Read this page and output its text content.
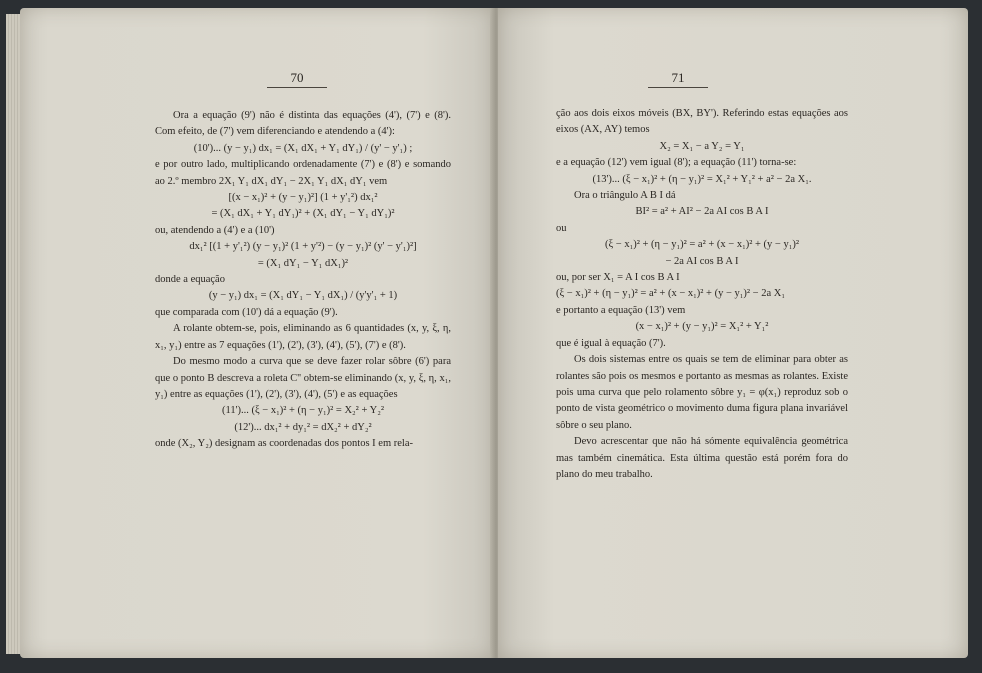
70

Ora a equação (9') não é distinta das equações (4'), (7') e (8'). Com efeito, de (7') vem diferenciando e atendendo a (4'):

(10')... (y − y₁) dx₁ = (X₁ dX₁ + Y₁ dY₁) / (y' − y'₁) ;

e por outro lado, multiplicando ordenadamente (7') e (8') e somando ao 2.º membro 2X₁ Y₁ dX₁ dY₁ − 2X₁ Y₁ dX₁ dY₁ vem

[(x − x₁)² + (y − y₁)²] (1 + y'₁²) dx₁²

= (X₁ dX₁ + Y₁ dY₁)² + (X₁ dY₁ − Y₁ dY₁)²

ou, atendendo a (4') e a (10')

dx₁² [(1 + y'₁²) (y − y₁)² (1 + y'²) − (y − y₁)² (y' − y'₁)²]

= (X₁ dY₁ − Y₁ dX₁)²

donde a equação

(y − y₁) dx₁ = (X₁ dY₁ − Y₁ dX₁) / (y'y'₁ + 1)

que comparada com (10') dá a equação (9').

A rolante obtem-se, pois, eliminando as 6 quantidades (x, y, ξ, η, x₁, y₁) entre as 7 equações (1'), (2'), (3'), (4'), (5'), (7') e (8').

Do mesmo modo a curva que se deve fazer rolar sôbre (6') para que o ponto B descreva a roleta C'' obtem-se eliminando (x, y, ξ, η, x₁, y₁) entre as equações (1'), (2'), (3'), (4'), (5') e as equações

(11')... (ξ − x₁)² + (η − y₁)² = X₂² + Y₂²

(12')... dx₁² + dy₁² = dX₂² + dY₂²

onde (X₂, Y₂) designam as coordenadas dos pontos I em rela-

71

ção aos dois eixos móveis (BX, BY'). Referindo estas equações aos eixos (AX, AY) temos

X₂ = X₁ − a Y₂ = Y₁

e a equação (12') vem igual (8'); a equação (11') torna-se:

(13')... (ξ − x₁)² + (η − y₁)² = X₁² + Y₁² + a² − 2a X₁.

Ora o triângulo A B I dá

BI² = a² + AI² − 2a AI cos B A I

ou

(ξ − x₁)² + (η − y₁)² = a² + (x − x₁)² + (y − y₁)²

− 2a AI cos B A I

ou, por ser X₁ = A I cos B A I

(ξ − x₁)² + (η − y₁)² = a² + (x − x₁)² + (y − y₁)² − 2a X₁

e portanto a equação (13') vem

(x − x₁)² + (y − y₁)² = X₁² + Y₁²

que é igual à equação (7').

Os dois sistemas entre os quais se tem de eliminar para obter as rolantes são pois os mesmos e portanto as mesmas as rolantes. Existe pois uma curva que pelo rolamento sôbre y₁ = φ(x₁) reproduz sob o ponto de vista geométrico o movimento duma figura plana invariável sôbre o seu plano.

Devo acrescentar que não há sómente equivalência geométrica mas também cinemática. Esta última questão está porém fora do plano do meu trabalho.
